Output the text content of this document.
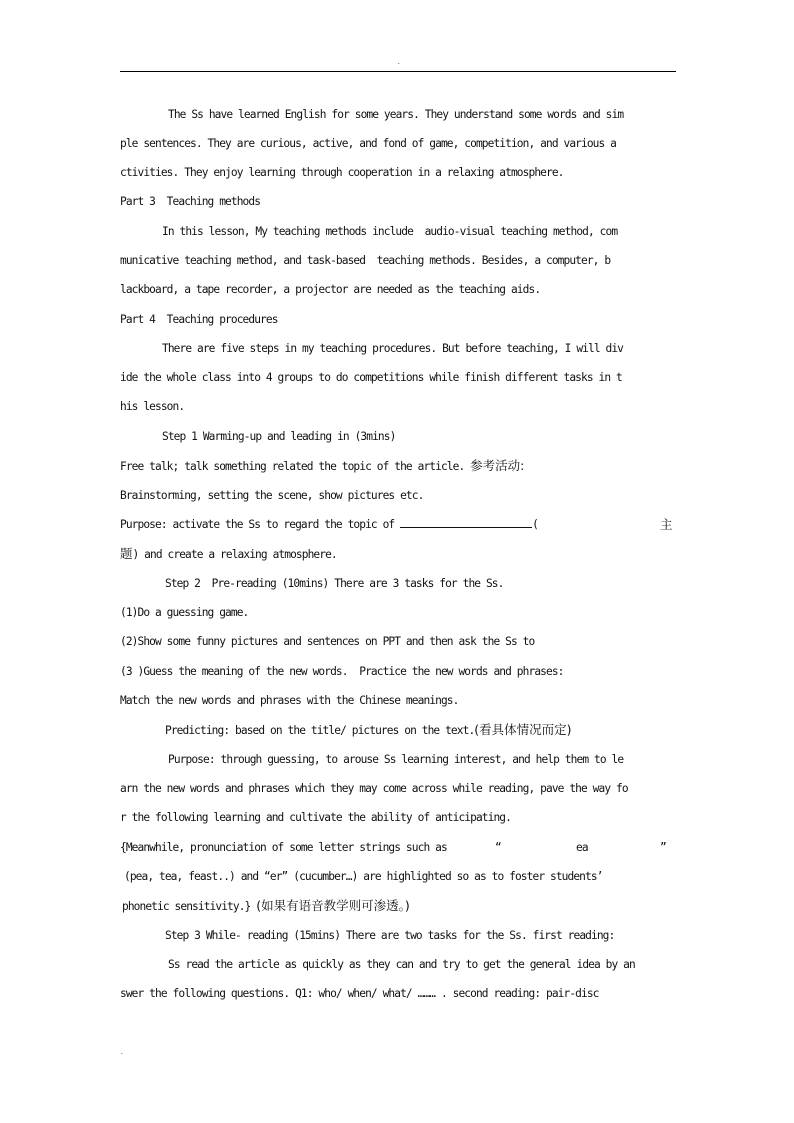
.
The Ss have learned English for some years. They understand some words and sim
ple sentences. They are curious, active, and fond of game, competition, and various a
ctivities. They enjoy learning through cooperation in a relaxing atmosphere.
Part 3  Teaching methods
In this lesson, My teaching methods include  audio-visual teaching method, com
municative teaching method, and task-based  teaching methods. Besides, a computer, b
lackboard, a tape recorder, a projector are needed as the teaching aids.
Part 4  Teaching procedures
There are five steps in my teaching procedures. But before teaching, I will div
ide the whole class into 4 groups to do competitions while finish different tasks in t
his lesson.
Step 1 Warming-up and leading in (3mins)
Free talk; talk something related the topic of the article. 参考活动:
Brainstorming, setting the scene, show pictures etc.
Purpose: activate the Ss to regard the topic of	(	主
题) and create a relaxing atmosphere.
Step 2  Pre-reading (10mins) There are 3 tasks for the Ss.
(1)Do a guessing game.
(2)Show some funny pictures and sentences on PPT and then ask the Ss to
(3 )Guess the meaning of the new words.  Practice the new words and phrases:
Match the new words and phrases with the Chinese meanings.
Predicting: based on the title/ pictures on the text.(看具体情况而定)
Purpose: through guessing, to arouse Ss learning interest, and help them to le
arn the new words and phrases which they may come across while reading, pave the way fo
r the following learning and cultivate the ability of anticipating.
{Meanwhile, pronunciation of some letter strings such as	“	ea	”
(pea, tea, feast..) and “er” (cucumber…) are highlighted so as to foster students’
phonetic sensitivity.} (如果有语音教学则可渗透。)
Step 3 While- reading (15mins) There are two tasks for the Ss. first reading:
Ss read the article as quickly as they can and try to get the general idea by an
swer the following questions. Q1: who/ when/ what/ ……… . second reading: pair-disc
.
